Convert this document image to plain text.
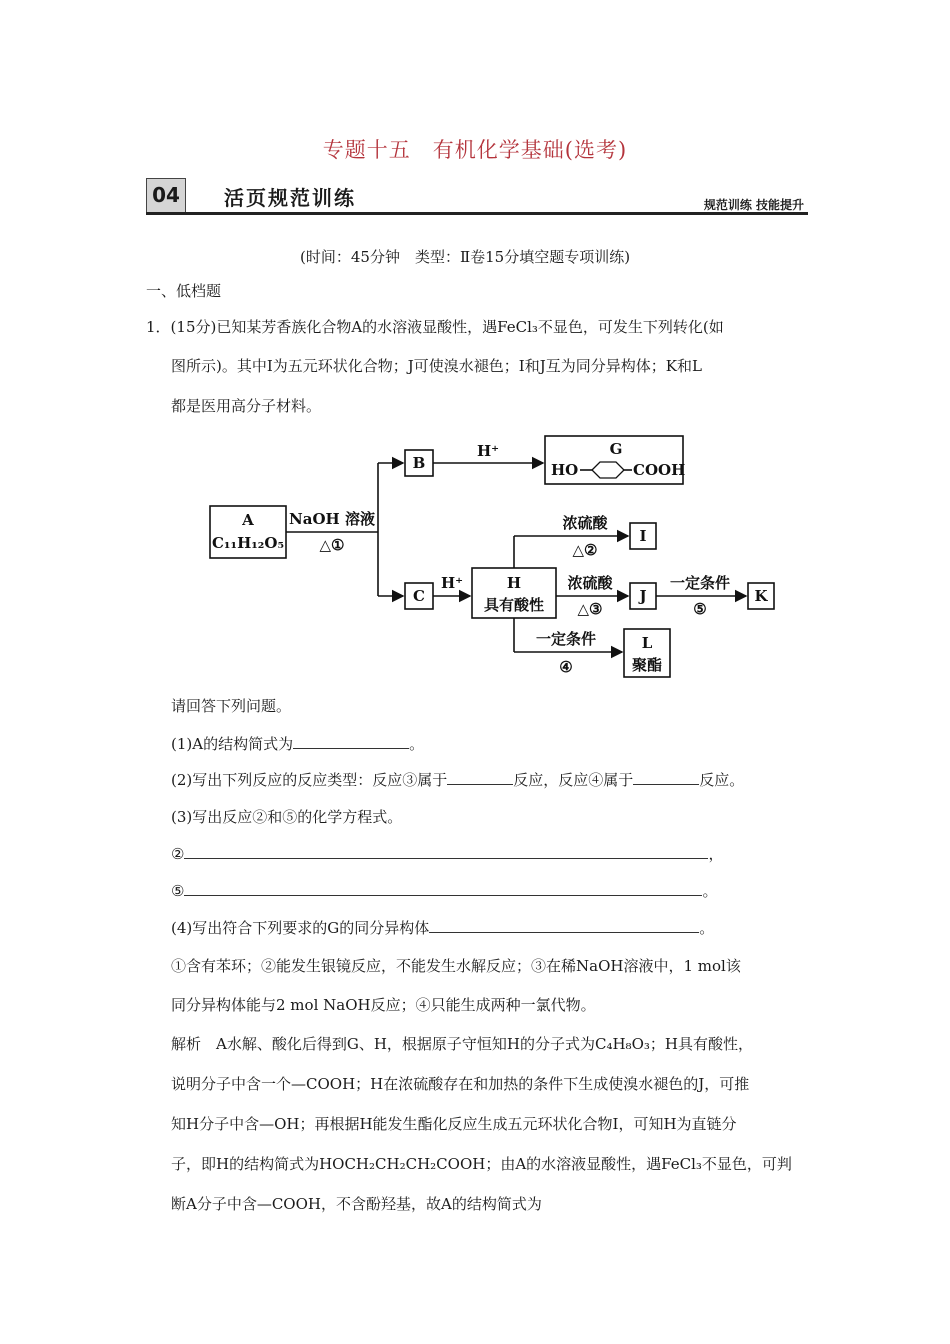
专题十五　有机化学基础(选考)
04	活页规范训练	规范训练 技能提升
(时间：45分钟　类型：Ⅱ卷15分填空题专项训练)
一、低档题
1．(15分)已知某芳香族化合物A的水溶液显酸性，遇FeCl₃不显色，可发生下列转化(如
图所示)。其中I为五元环状化合物；J可使溴水褪色；I和J互为同分异构体；K和L
都是医用高分子材料。
A
C₁₁H₁₂O₅
B
C
G
HO	COOH
H
具有酸性
I
J	K
L
聚酯
H⁺
H⁺
NaOH 溶液
△①
浓硫酸
△②
浓硫酸
△③
一定条件
⑤
一定条件
④
请回答下列问题。
(1)A的结构简式为	。
(2)写出下列反应的反应类型：反应③属于	反应，反应④属于	反应。
(3)写出反应②和⑤的化学方程式。
②	，
⑤	。
(4)写出符合下列要求的G的同分异构体	。
①含有苯环；②能发生银镜反应，不能发生水解反应；③在稀NaOH溶液中，1 mol该
同分异构体能与2 mol NaOH反应；④只能生成两种一氯代物。
解析　A水解、酸化后得到G、H，根据原子守恒知H的分子式为C₄H₈O₃；H具有酸性，
说明分子中含一个—COOH；H在浓硫酸存在和加热的条件下生成使溴水褪色的J，可推
知H分子中含—OH；再根据H能发生酯化反应生成五元环状化合物I，可知H为直链分
子，即H的结构简式为HOCH₂CH₂CH₂COOH；由A的水溶液显酸性，遇FeCl₃不显色，可判
断A分子中含—COOH，不含酚羟基，故A的结构简式为
